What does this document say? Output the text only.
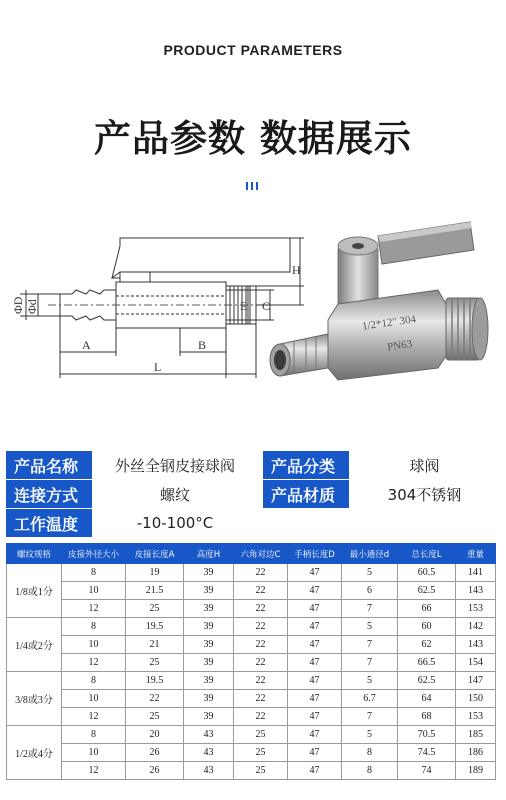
PRODUCT PARAMETERS
产品参数 数据展示
ΦD Φd
H
E C
A	B
L
1/2*12" 304
PN63
产品名称	外丝全钢皮接球阀	产品分类	球阀
连接方式	螺纹	产品材质	304不锈钢
工作温度	-10-100°C
螺纹规格	皮接外径大小	皮接长度A	高度H	六角对边C	手柄长度D	最小通径d	总长度L	重量
1/8或1分	8	19	39	22	47	5	60.5	141
	10	21.5	39	22	47	6	62.5	143
	12	25	39	22	47	7	66	153
1/4或2分	8	19.5	39	22	47	5	60	142
	10	21	39	22	47	7	62	143
	12	25	39	22	47	7	66.5	154
3/8或3分	8	19.5	39	22	47	5	62.5	147
	10	22	39	22	47	6.7	64	150
	12	25	39	22	47	7	68	153
1/2或4分	8	20	43	25	47	5	70.5	185
	10	26	43	25	47	8	74.5	186
	12	26	43	25	47	8	74	189
